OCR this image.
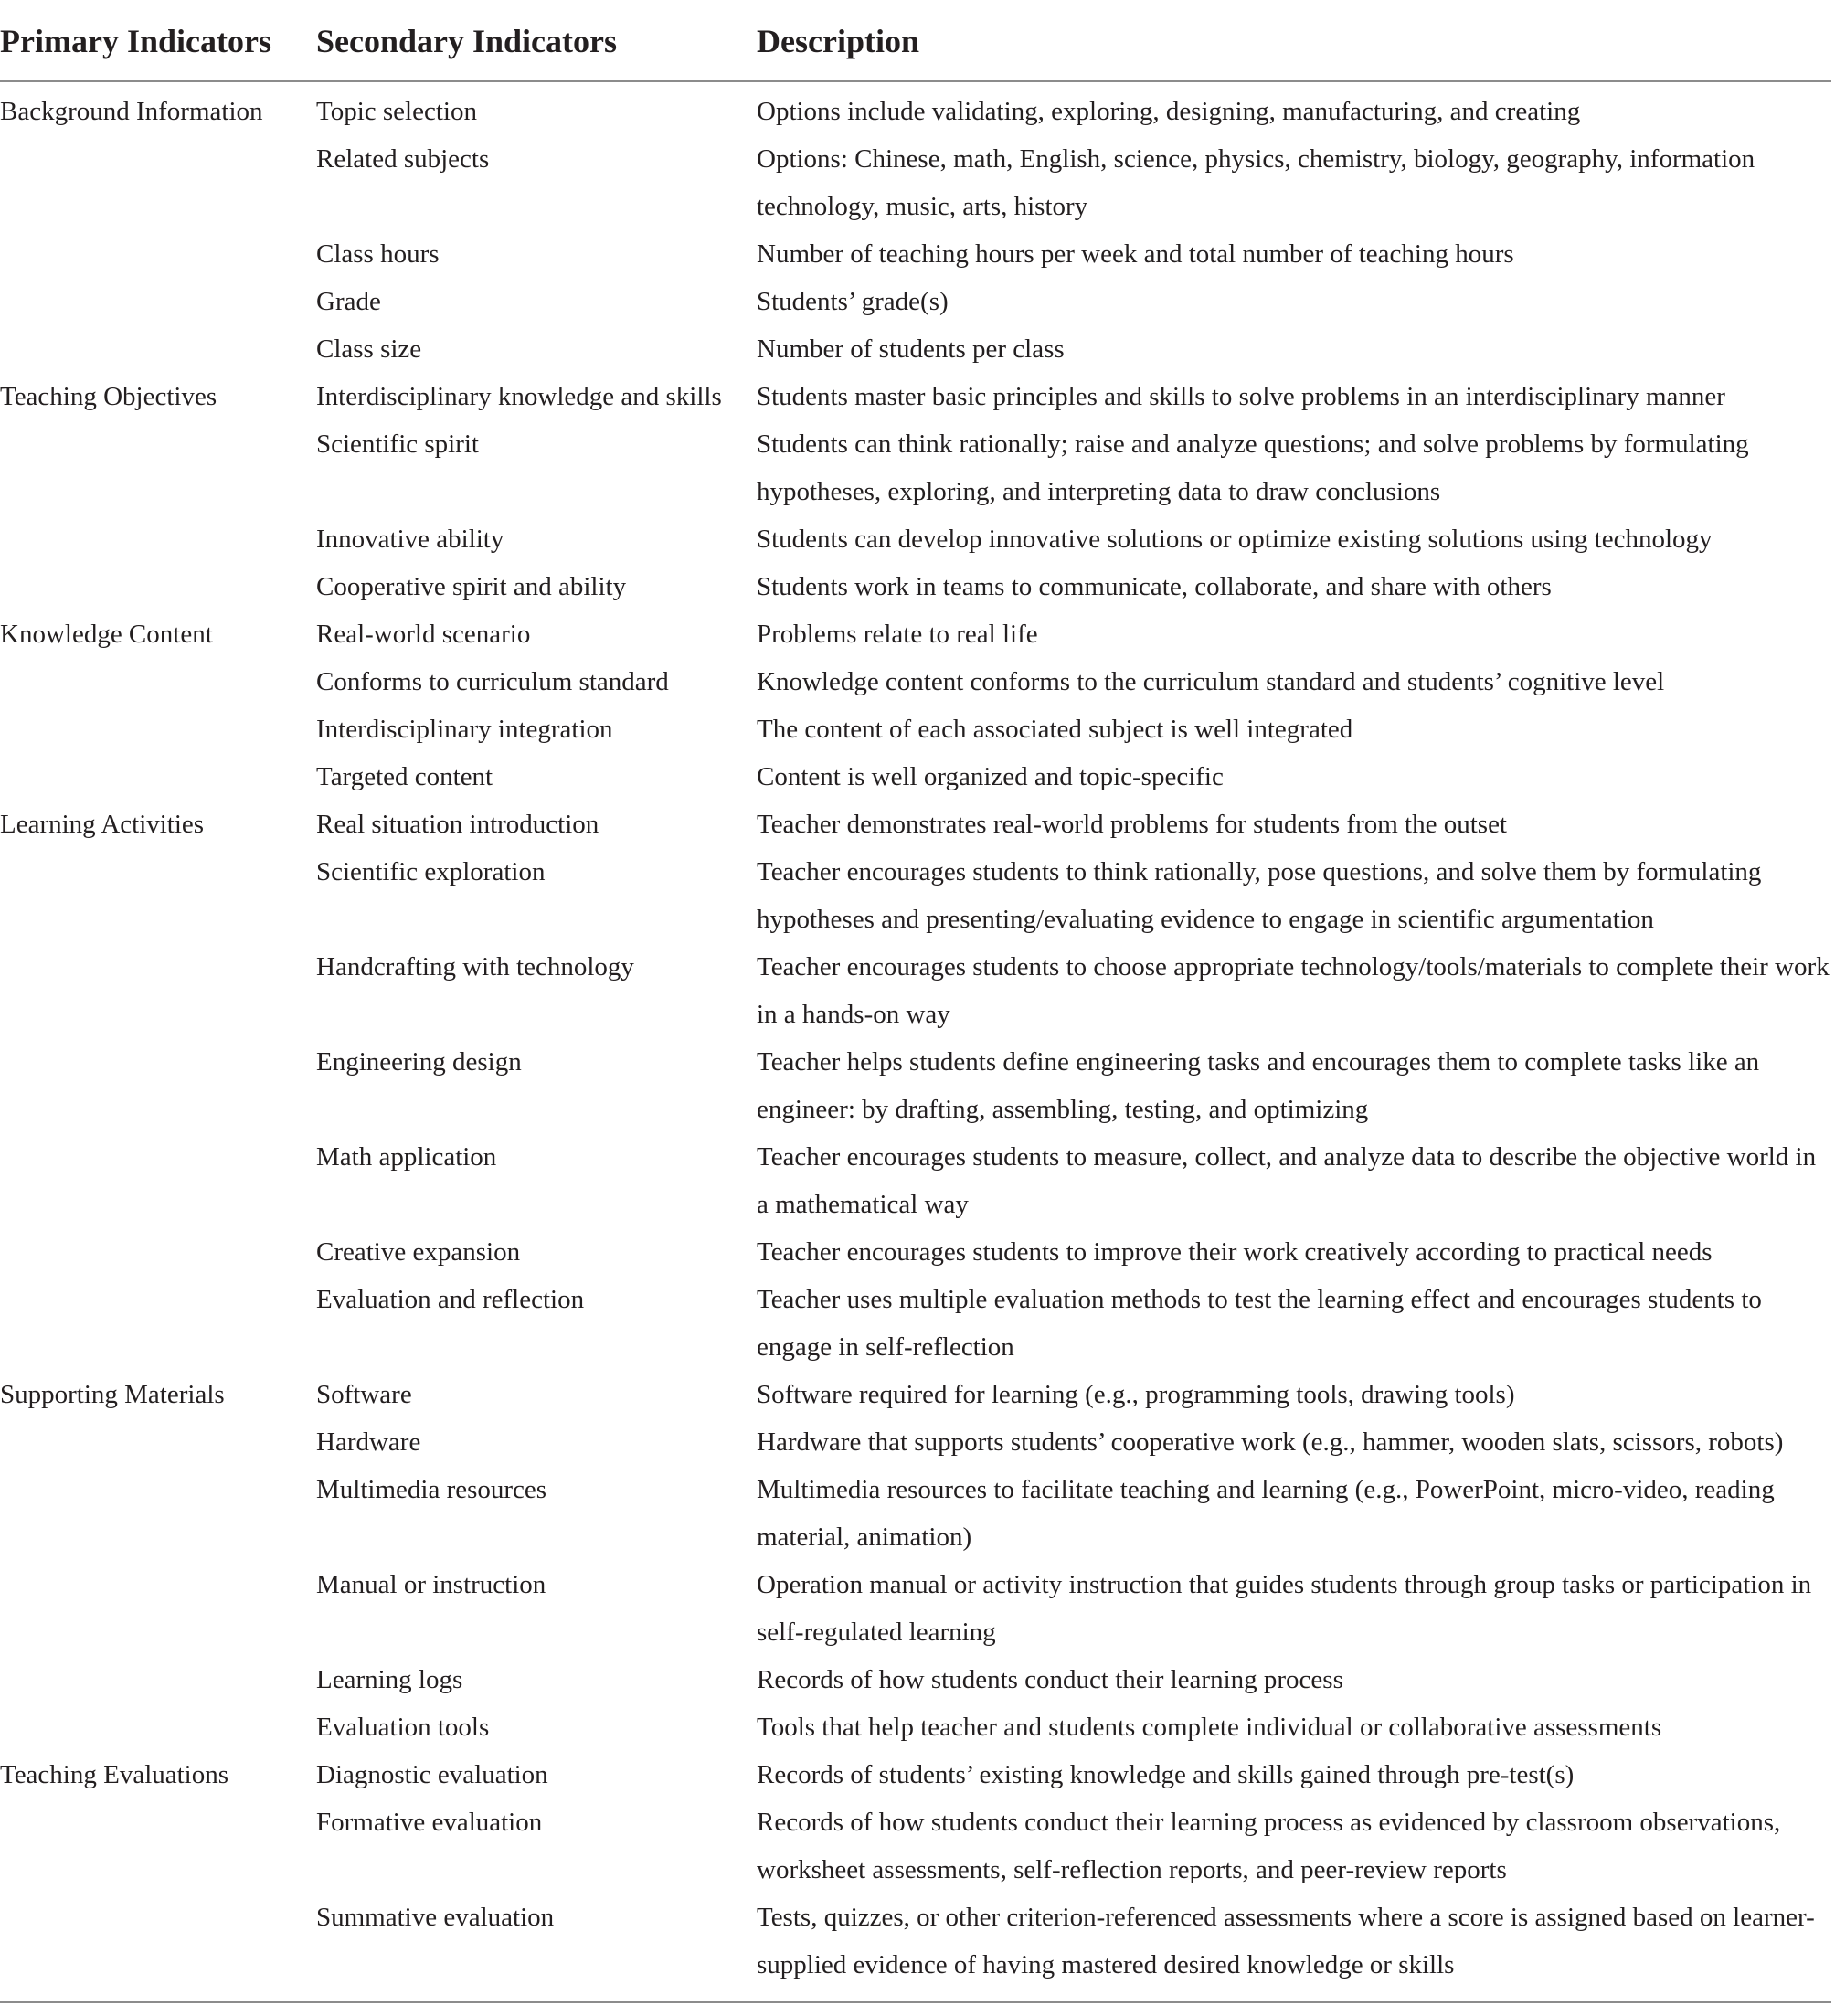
Primary Indicators	Secondary Indicators	Description
Background Information	Topic selection	Options include validating, exploring, designing, manufacturing, and creating
	Related subjects	Options: Chinese, math, English, science, physics, chemistry, biology, geography, information technology, music, arts, history
	Class hours	Number of teaching hours per week and total number of teaching hours
	Grade	Students’ grade(s)
	Class size	Number of students per class
Teaching Objectives	Interdisciplinary knowledge and skills	Students master basic principles and skills to solve problems in an interdisciplinary manner
	Scientific spirit	Students can think rationally; raise and analyze questions; and solve problems by formulating hypotheses, exploring, and interpreting data to draw conclusions
	Innovative ability	Students can develop innovative solutions or optimize existing solutions using technology
	Cooperative spirit and ability	Students work in teams to communicate, collaborate, and share with others
Knowledge Content	Real-world scenario	Problems relate to real life
	Conforms to curriculum standard	Knowledge content conforms to the curriculum standard and students’ cognitive level
	Interdisciplinary integration	The content of each associated subject is well integrated
	Targeted content	Content is well organized and topic-specific
Learning Activities	Real situation introduction	Teacher demonstrates real-world problems for students from the outset
	Scientific exploration	Teacher encourages students to think rationally, pose questions, and solve them by formulating hypotheses and presenting/evaluating evidence to engage in scientific argumentation
	Handcrafting with technology	Teacher encourages students to choose appropriate technology/tools/materials to complete their work in a hands-on way
	Engineering design	Teacher helps students define engineering tasks and encourages them to complete tasks like an engineer: by drafting, assembling, testing, and optimizing
	Math application	Teacher encourages students to measure, collect, and analyze data to describe the objective world in a mathematical way
	Creative expansion	Teacher encourages students to improve their work creatively according to practical needs
	Evaluation and reflection	Teacher uses multiple evaluation methods to test the learning effect and encourages students to engage in self-reflection
Supporting Materials	Software	Software required for learning (e.g., programming tools, drawing tools)
	Hardware	Hardware that supports students’ cooperative work (e.g., hammer, wooden slats, scissors, robots)
	Multimedia resources	Multimedia resources to facilitate teaching and learning (e.g., PowerPoint, micro-video, reading material, animation)
	Manual or instruction	Operation manual or activity instruction that guides students through group tasks or participation in self-regulated learning
	Learning logs	Records of how students conduct their learning process
	Evaluation tools	Tools that help teacher and students complete individual or collaborative assessments
Teaching Evaluations	Diagnostic evaluation	Records of students’ existing knowledge and skills gained through pre-test(s)
	Formative evaluation	Records of how students conduct their learning process as evidenced by classroom observations, worksheet assessments, self-reflection reports, and peer-review reports
	Summative evaluation	Tests, quizzes, or other criterion-referenced assessments where a score is assigned based on learner-supplied evidence of having mastered desired knowledge or skills
